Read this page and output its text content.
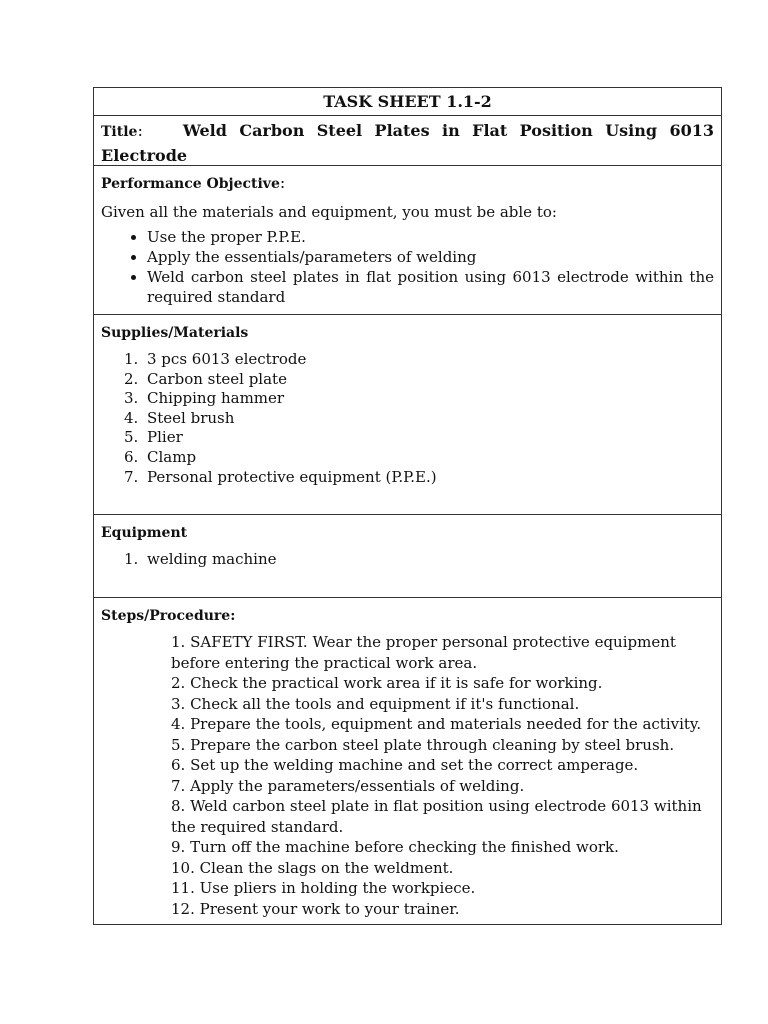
TASK SHEET 1.1-2
Title:	Weld Carbon Steel Plates in Flat Position Using 6013 Electrode
Performance Objective:
Given all the materials and equipment, you must be able to:
• Use the proper P.P.E.
• Apply the essentials/parameters of welding
• Weld carbon steel plates in flat position using 6013 electrode within the required standard
Supplies/Materials
1. 3 pcs 6013 electrode
2. Carbon steel plate
3. Chipping hammer
4. Steel brush
5. Plier
6. Clamp
7. Personal protective equipment (P.P.E.)
Equipment
1. welding machine
Steps/Procedure:
1. SAFETY FIRST. Wear the proper personal protective equipment before entering the practical work area.
2. Check the practical work area if it is safe for working.
3. Check all the tools and equipment if it's functional.
4. Prepare the tools, equipment and materials needed for the activity.
5. Prepare the carbon steel plate through cleaning by steel brush.
6. Set up the welding machine and set the correct amperage.
7. Apply the parameters/essentials of welding.
8. Weld carbon steel plate in flat position using electrode 6013 within the required standard.
9. Turn off the machine before checking the finished work.
10. Clean the slags on the weldment.
11. Use pliers in holding the workpiece.
12. Present your work to your trainer.
